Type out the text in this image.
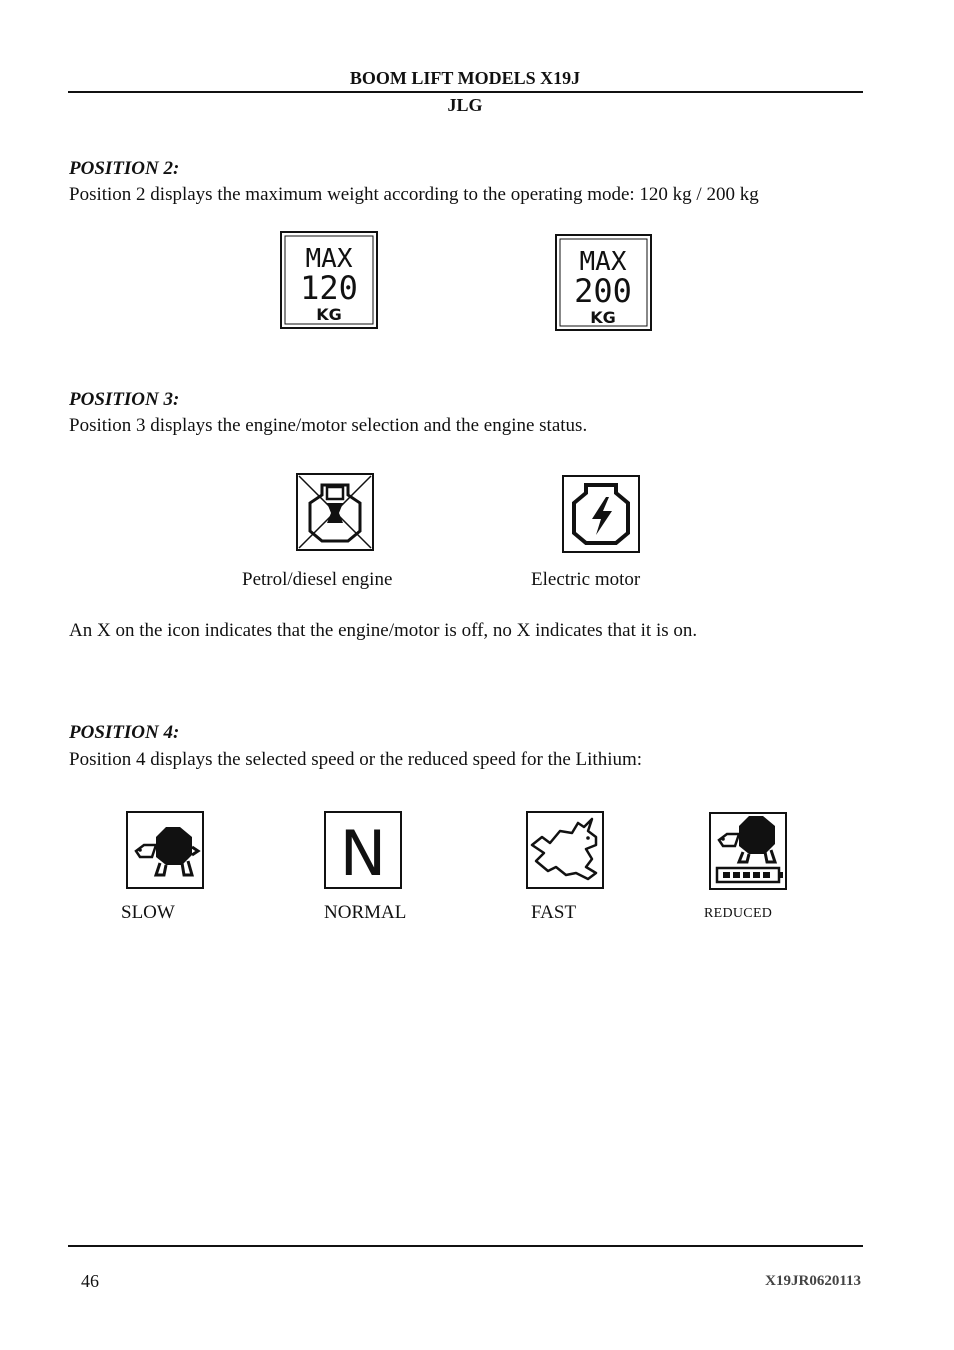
BOOM LIFT MODELS X19J
JLG
POSITION 2:
Position 2 displays the maximum weight according to the operating mode: 120 kg / 200 kg
MAX
120
KG
MAX
200
KG
POSITION 3:
Position 3 displays the engine/motor selection and the engine status.
Petrol/diesel engine	Electric motor
An X on the icon indicates that the engine/motor is off, no X indicates that it is on.
POSITION 4:
Position 4 displays the selected speed or the reduced speed for the Lithium:
N
SLOW	NORMAL	FAST	REDUCED
46	X19JR0620113
